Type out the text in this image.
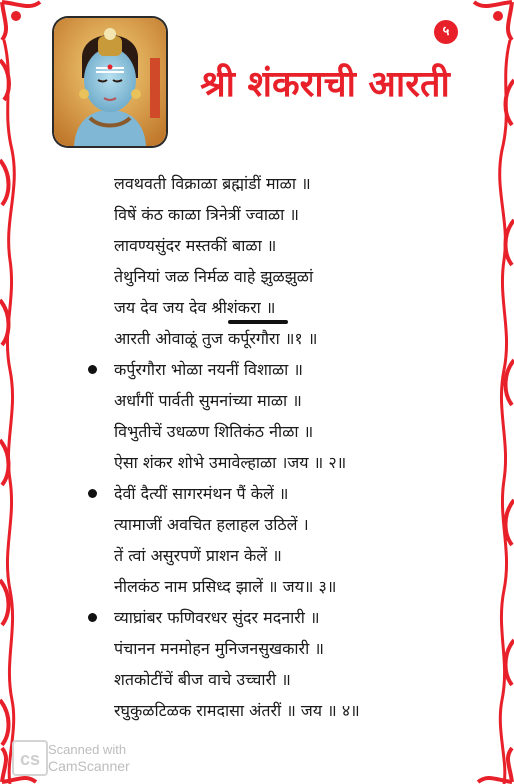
५
श्री शंकराची आरती
लवथवती विक्राळा ब्रह्मांडीं माळा ॥
विषें कंठ काळा त्रिनेत्रीं ज्वाळा ॥
लावण्यसुंदर मस्तकीं बाळा ॥
तेथुनियां जळ निर्मळ वाहे झुळझुळां
जय देव जय देव श्रीशंकरा ॥
आरती ओवाळूं तुज कर्पूरगौरा ॥१ ॥
कर्पुरगौरा भोळा नयनीं विशाळा ॥
अर्धांगीं पार्वती सुमनांच्या माळा ॥
विभुतीचें उधळण शितिकंठ नीळा ॥
ऐसा शंकर शोभे उमावेल्हाळा ।जय ॥ २॥
देवीं दैत्यीं सागरमंथन पैं केलें ॥
त्यामाजीं अवचित हलाहल उठिलें ।
तें त्वां असुरपणें प्राशन केलें ॥
नीलकंठ नाम प्रसिध्द झालें ॥ जय॥ ३॥
व्याघ्रांबर फणिवरधर सुंदर मदनारी ॥
पंचानन मनमोहन मुनिजनसुखकारी ॥
शतकोटींचें बीज वाचे उच्चारी ॥
रघुकुळटिळक रामदासा अंतरीं ॥ जय ॥ ४॥
cs Scanned with
CamScanner
